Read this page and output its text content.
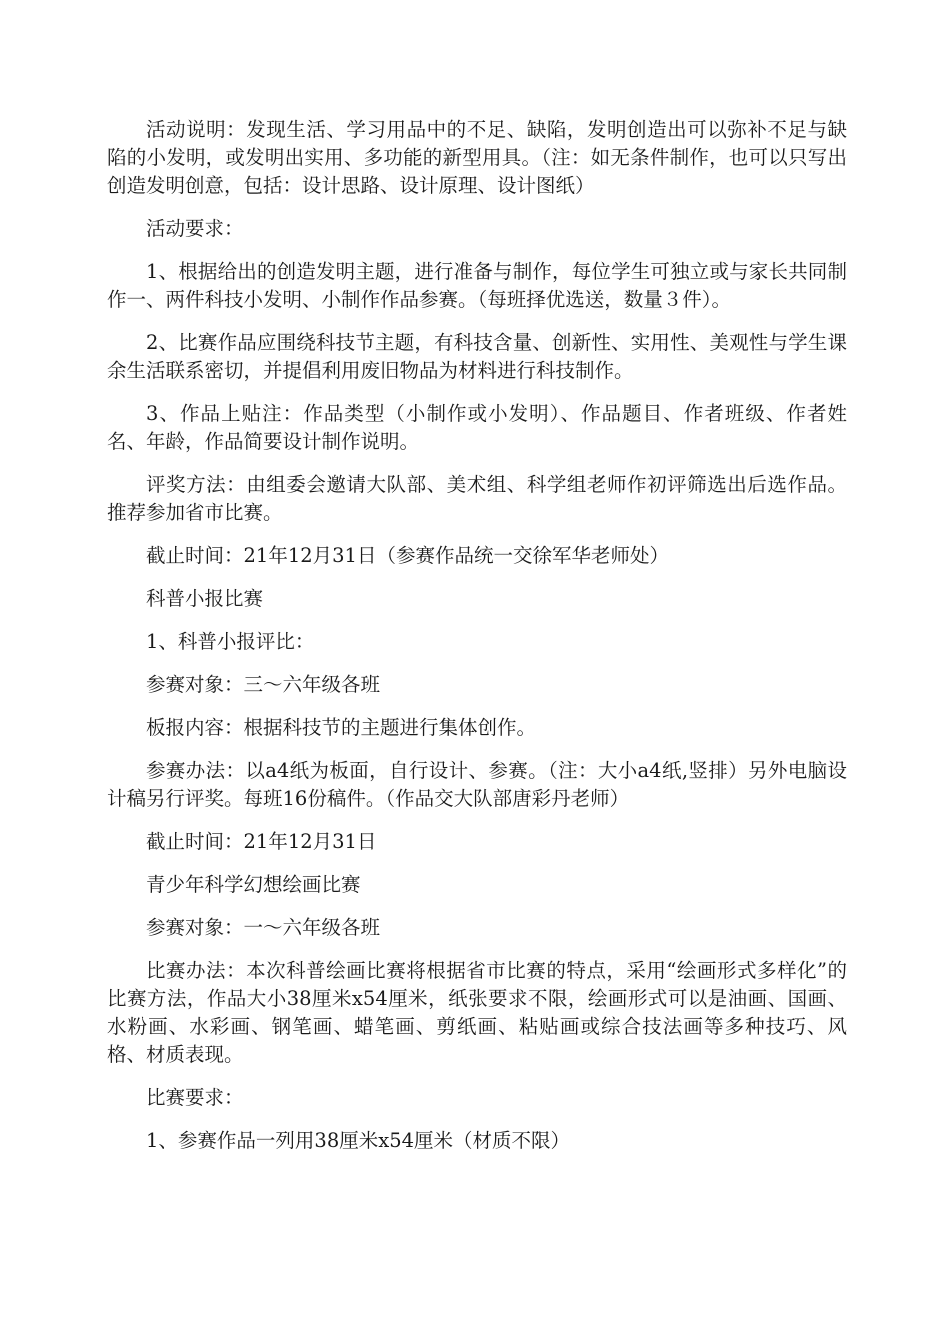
活动说明：发现生活、学习用品中的不足、缺陷，发明创造出可以弥补不足与缺陷的小发明，或发明出实用、多功能的新型用具。（注：如无条件制作，也可以只写出创造发明创意，包括：设计思路、设计原理、设计图纸）

活动要求：

1、根据给出的创造发明主题，进行准备与制作，每位学生可独立或与家长共同制作一、两件科技小发明、小制作作品参赛。（每班择优选送，数量３件）。

2、比赛作品应围绕科技节主题，有科技含量、创新性、实用性、美观性与学生课余生活联系密切，并提倡利用废旧物品为材料进行科技制作。

3、作品上贴注：作品类型（小制作或小发明）、作品题目、作者班级、作者姓名、年龄，作品简要设计制作说明。

评奖方法：由组委会邀请大队部、美术组、科学组老师作初评筛选出后选作品。推荐参加省市比赛。

截止时间：21年12月31日（参赛作品统一交徐军华老师处）

科普小报比赛

1、科普小报评比：

参赛对象：三～六年级各班

板报内容：根据科技节的主题进行集体创作。

参赛办法：以a4纸为板面，自行设计、参赛。（注：大小a4纸,竖排）另外电脑设计稿另行评奖。每班16份稿件。（作品交大队部唐彩丹老师）

截止时间：21年12月31日

青少年科学幻想绘画比赛

参赛对象：一～六年级各班

比赛办法：本次科普绘画比赛将根据省市比赛的特点，采用“绘画形式多样化”的比赛方法，作品大小38厘米x54厘米，纸张要求不限，绘画形式可以是油画、国画、水粉画、水彩画、钢笔画、蜡笔画、剪纸画、粘贴画或综合技法画等多种技巧、风格、材质表现。

比赛要求：

1、参赛作品一列用38厘米x54厘米（材质不限）
